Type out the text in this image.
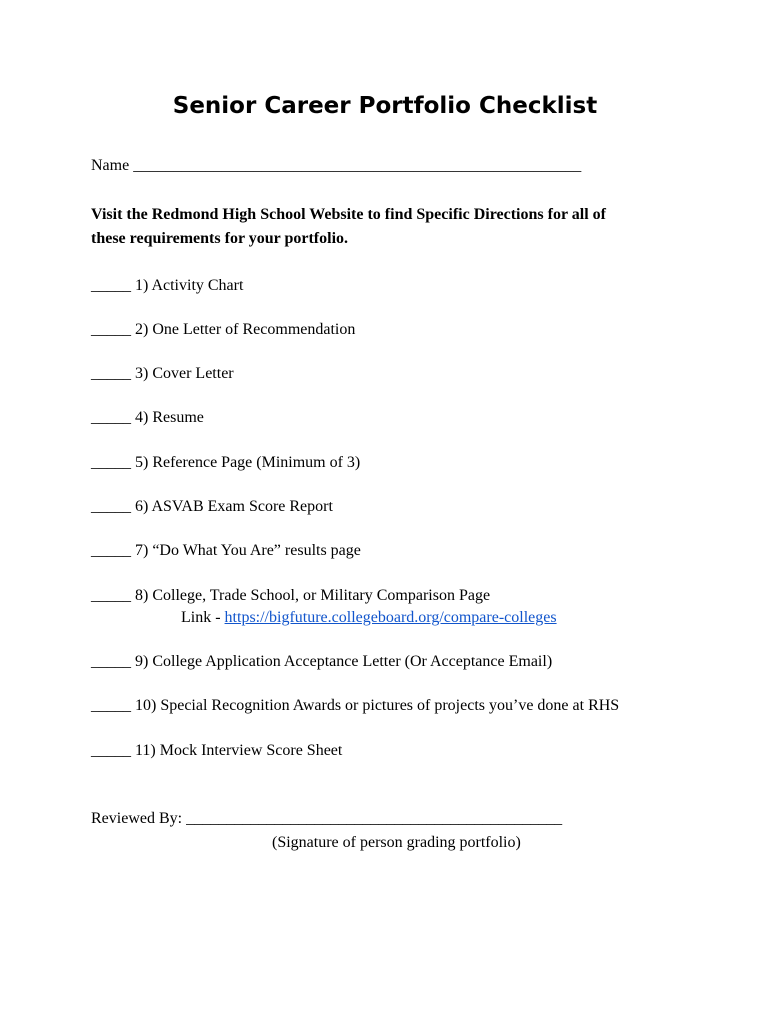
Senior Career Portfolio Checklist
Name ________________________________________________________
Visit the Redmond High School Website to find Specific Directions for all of
these requirements for your portfolio.
_____ 1) Activity Chart
_____ 2) One Letter of Recommendation
_____ 3) Cover Letter
_____ 4) Resume
_____ 5) Reference Page (Minimum of 3)
_____ 6) ASVAB Exam Score Report
_____ 7) “Do What You Are” results page
_____ 8) College, Trade School, or Military Comparison Page
Link - https://bigfuture.collegeboard.org/compare-colleges
_____ 9) College Application Acceptance Letter (Or Acceptance Email)
_____ 10) Special Recognition Awards or pictures of projects you’ve done at RHS
_____ 11) Mock Interview Score Sheet
Reviewed By: _______________________________________________
(Signature of person grading portfolio)
